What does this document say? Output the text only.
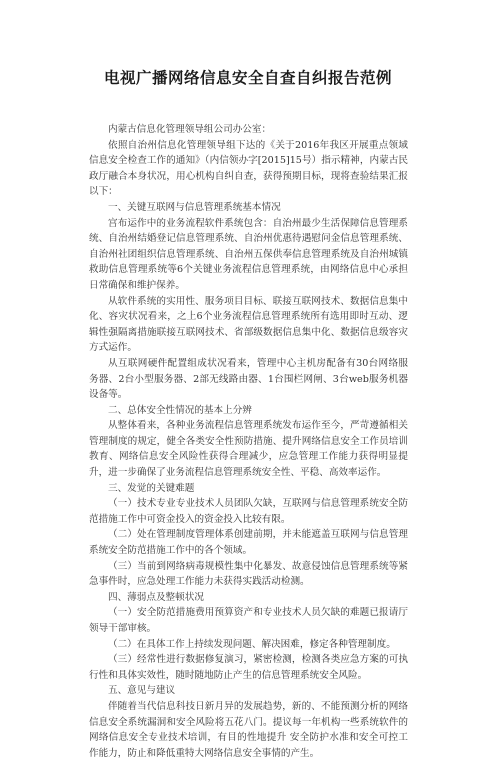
电视广播网络信息安全自查自纠报告范例

内蒙古信息化管理领导组公司办公室：

依照自治州信息化管理领导组下达的《关于2016年我区开展重点领域信息安全检查工作的通知》（内信领办字[2015]15号）指示精神，内蒙古民政厅融合本身状况，用心机构自纠自查，获得预期目标，现将查验结果汇报以下：

一、关键互联网与信息管理系统基本情况

宫布运作中的业务流程软件系统包含：自治州最少生活保障信息管理系统、自治州结婚登记信息管理系统、自治州优惠待遇慰问金信息管理系统、自治州社团组织信息管理系统、自治州五保供奉信息管理系统及自治州城镇救助信息管理系统等6个关键业务流程信息管理系统，由网络信息中心承担日常确保和维护保养。

从软件系统的实用性、服务项目目标、联接互联网技术、数据信息集中化、容灾状况看来，之上6个业务流程信息管理系统所有选用即时互动、逻辑性强隔离措施联接互联网技术、省部级数据信息集中化、数据信息级容灾方式运作。

从互联网硬件配置组成状况看来，管理中心主机房配备有30台网络服务器、2台小型服务器、2部无线路由器、1台围栏网闸、3台web服务机器设备等。

二、总体安全性情况的基本上分辨

从整体看来，各种业务流程信息管理系统发布运作至今，严苛遵循相关管理制度的规定，健全各类安全性预防措施、提升网络信息安全工作员培训教育、网络信息安全风险性获得合理减少，应急管理工作能力获得明显提升，进一步确保了业务流程信息管理系统安全性、平稳、高效率运作。

三、发觉的关键难题

（一）技术专业专业技术人员团队欠缺，互联网与信息管理系统安全防范措施工作中可资金投入的资金投入比较有限。

（二）处在管理制度管理体系创建前期，并未能遮盖互联网与信息管理系统安全防范措施工作中的各个领域。

（三）当前到网络病毒规模性集中化暴发、故意侵蚀信息管理系统等紧急事件时，应急处理工作能力未获得实践活动检测。

四、薄弱点及整顿状况

（一）安全防范措施费用预算资产和专业技术人员欠缺的难题已报请厅领导干部审核。

（二）在具体工作上持续发现问题、解决困难，修定各种管理制度。

（三）经常性进行数据修复演习，紧密检测，检测各类应急方案的可执行性和具体实效性，随时随地防止产生的信息管理系统安全风险。

五、意见与建议

伴随着当代信息科技日新月异的发展趋势，新的、不能预测分析的网络信息安全系统漏洞和安全风险将五花八门。提议每一年机构一些系统软件的网络信息安全专业技术培训，有目的性地提升 安全防护水准和安全可控工作能力，防止和降低重特大网络信息安全事情的产生。
